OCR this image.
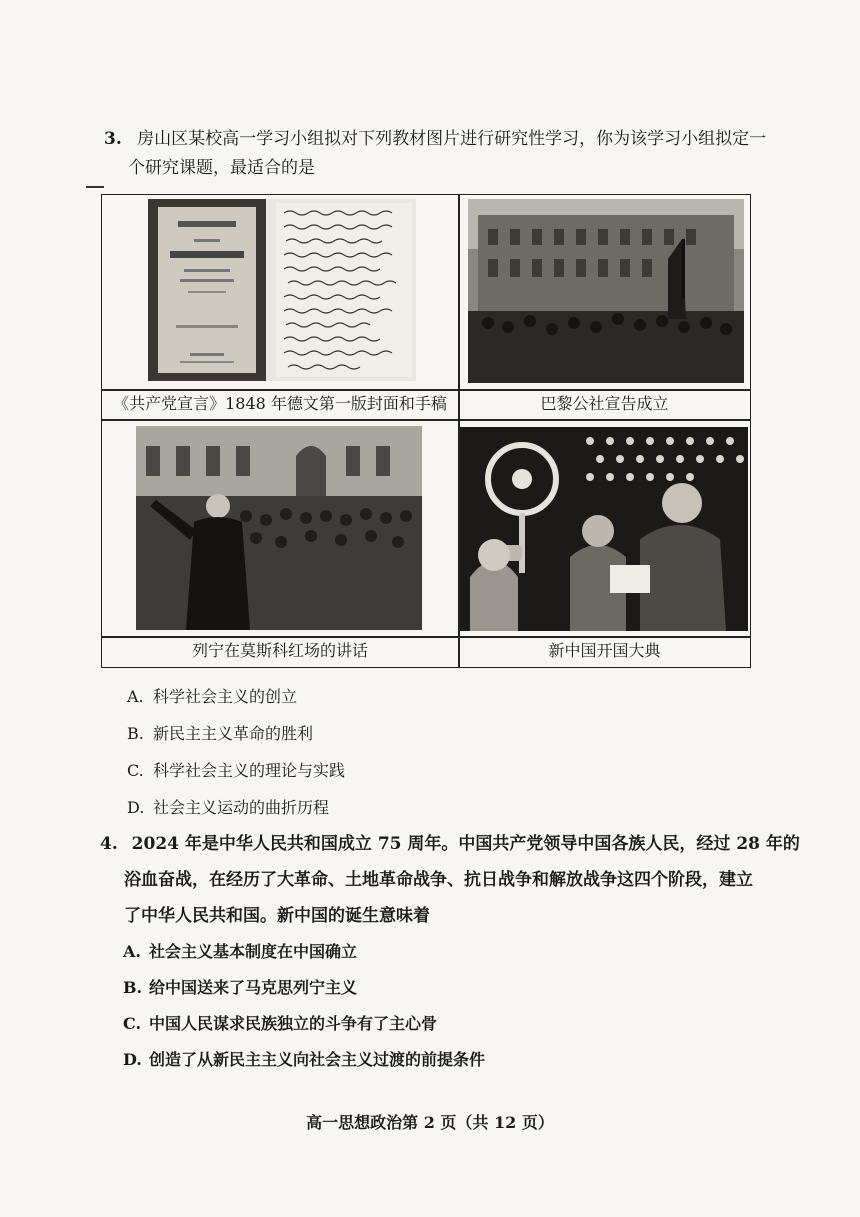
3. 房山区某校高一学习小组拟对下列教材图片进行研究性学习，你为该学习小组拟定一
个研究课题，最适合的是
《共产党宣言》1848 年德文第一版封面和手稿	巴黎公社宣告成立
列宁在莫斯科红场的讲话	新中国开国大典
A. 科学社会主义的创立
B. 新民主主义革命的胜利
C. 科学社会主义的理论与实践
D. 社会主义运动的曲折历程
4. 2024 年是中华人民共和国成立 75 周年。中国共产党领导中国各族人民，经过 28 年的
浴血奋战，在经历了大革命、土地革命战争、抗日战争和解放战争这四个阶段，建立
了中华人民共和国。新中国的诞生意味着
A. 社会主义基本制度在中国确立
B. 给中国送来了马克思列宁主义
C. 中国人民谋求民族独立的斗争有了主心骨
D. 创造了从新民主主义向社会主义过渡的前提条件
高一思想政治第 2 页（共 12 页）
